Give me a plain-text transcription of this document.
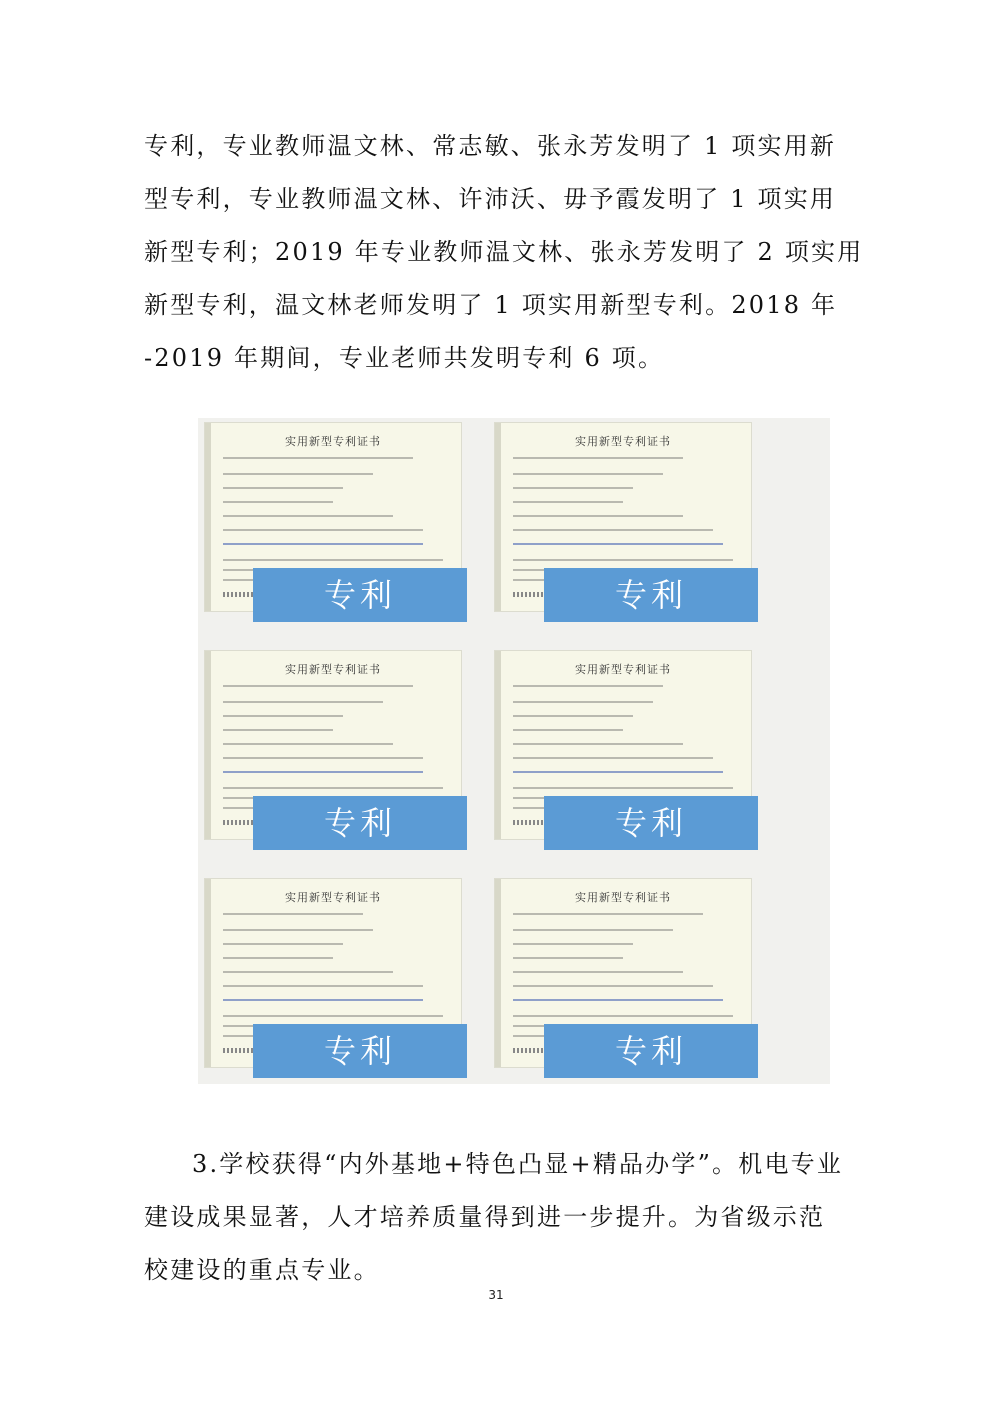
专利，专业教师温文林、常志敏、张永芳发明了 1 项实用新

型专利，专业教师温文林、许沛沃、毋予霞发明了 1 项实用

新型专利；2019 年专业教师温文林、张永芳发明了 2 项实用

新型专利，温文林老师发明了 1 项实用新型专利。2018 年

-2019 年期间，专业老师共发明专利 6 项。

实用新型专利证书	实用新型专利证书
专利	专利
实用新型专利证书	实用新型专利证书
专利	专利
实用新型专利证书	实用新型专利证书
专利	专利

3.学校获得“内外基地+特色凸显+精品办学”。机电专业

建设成果显著，人才培养质量得到进一步提升。为省级示范

校建设的重点专业。

31
